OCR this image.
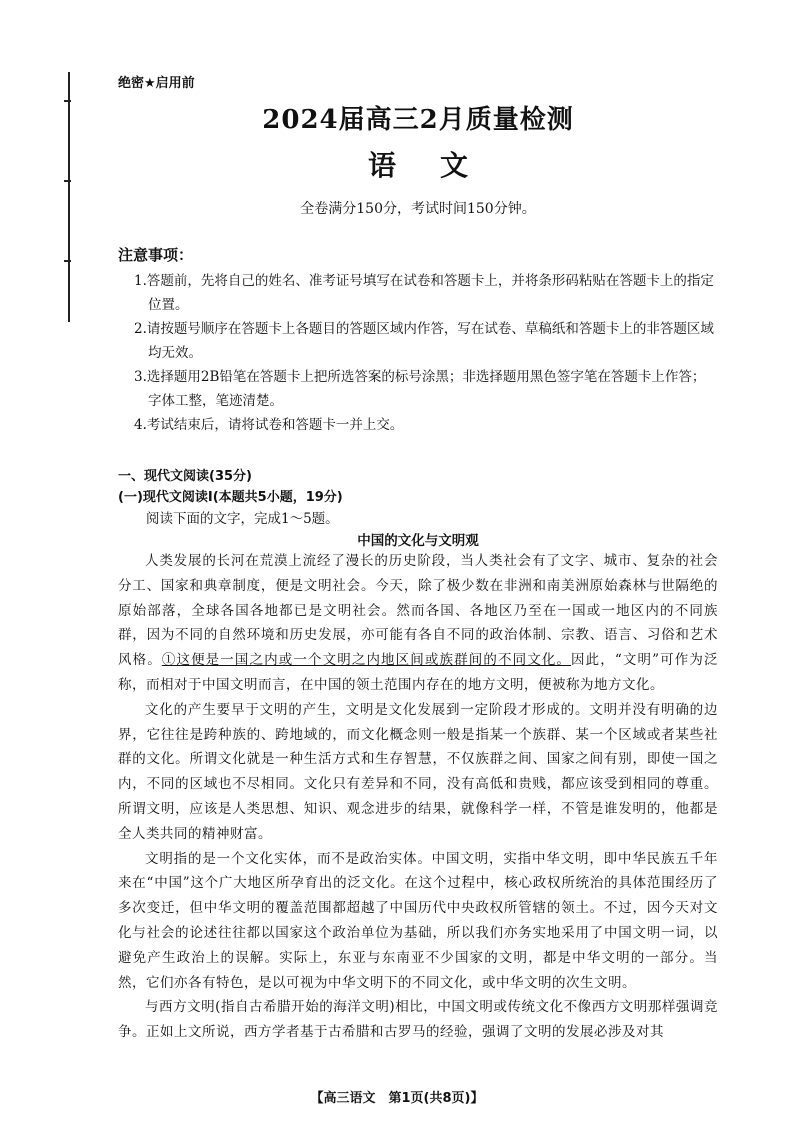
绝密★启用前
2024届高三2月质量检测
语文
全卷满分150分，考试时间150分钟。
注意事项：
1.答题前，先将自己的姓名、准考证号填写在试卷和答题卡上，并将条形码粘贴在答题卡上的指定位置。
2.请按题号顺序在答题卡上各题目的答题区域内作答，写在试卷、草稿纸和答题卡上的非答题区域均无效。
3.选择题用2B铅笔在答题卡上把所选答案的标号涂黑；非选择题用黑色签字笔在答题卡上作答；字体工整，笔迹清楚。
4.考试结束后，请将试卷和答题卡一并上交。
一、现代文阅读(35分)
(一)现代文阅读Ⅰ(本题共5小题，19分)
阅读下面的文字，完成1～5题。
中国的文化与文明观

人类发展的长河在荒漠上流经了漫长的历史阶段，当人类社会有了文字、城市、复杂的社会分工、国家和典章制度，便是文明社会。今天，除了极少数在非洲和南美洲原始森林与世隔绝的原始部落，全球各国各地都已是文明社会。然而各国、各地区乃至在一国或一地区内的不同族群，因为不同的自然环境和历史发展，亦可能有各自不同的政治体制、宗教、语言、习俗和艺术风格。①这便是一国之内或一个文明之内地区间或族群间的不同文化。因此，“文明”可作为泛称，而相对于中国文明而言，在中国的领土范围内存在的地方文明，便被称为地方文化。

文化的产生要早于文明的产生，文明是文化发展到一定阶段才形成的。文明并没有明确的边界，它往往是跨种族的、跨地域的，而文化概念则一般是指某一个族群、某一个区域或者某些社群的文化。所谓文化就是一种生活方式和生存智慧，不仅族群之间、国家之间有别，即使一国之内，不同的区域也不尽相同。文化只有差异和不同，没有高低和贵贱，都应该受到相同的尊重。所谓文明，应该是人类思想、知识、观念进步的结果，就像科学一样，不管是谁发明的，他都是全人类共同的精神财富。

文明指的是一个文化实体，而不是政治实体。中国文明，实指中华文明，即中华民族五千年来在“中国”这个广大地区所孕育出的泛文化。在这个过程中，核心政权所统治的具体范围经历了多次变迁，但中华文明的覆盖范围都超越了中国历代中央政权所管辖的领土。不过，因今天对文化与社会的论述往往都以国家这个政治单位为基础，所以我们亦务实地采用了中国文明一词，以避免产生政治上的误解。实际上，东亚与东南亚不少国家的文明，都是中华文明的一部分。当然，它们亦各有特色，是以可视为中华文明下的不同文化，或中华文明的次生文明。

与西方文明(指自古希腊开始的海洋文明)相比，中国文明或传统文化不像西方文明那样强调竞争。正如上文所说，西方学者基于古希腊和古罗马的经验，强调了文明的发展必涉及对其

【高三语文　第1页(共8页)】
